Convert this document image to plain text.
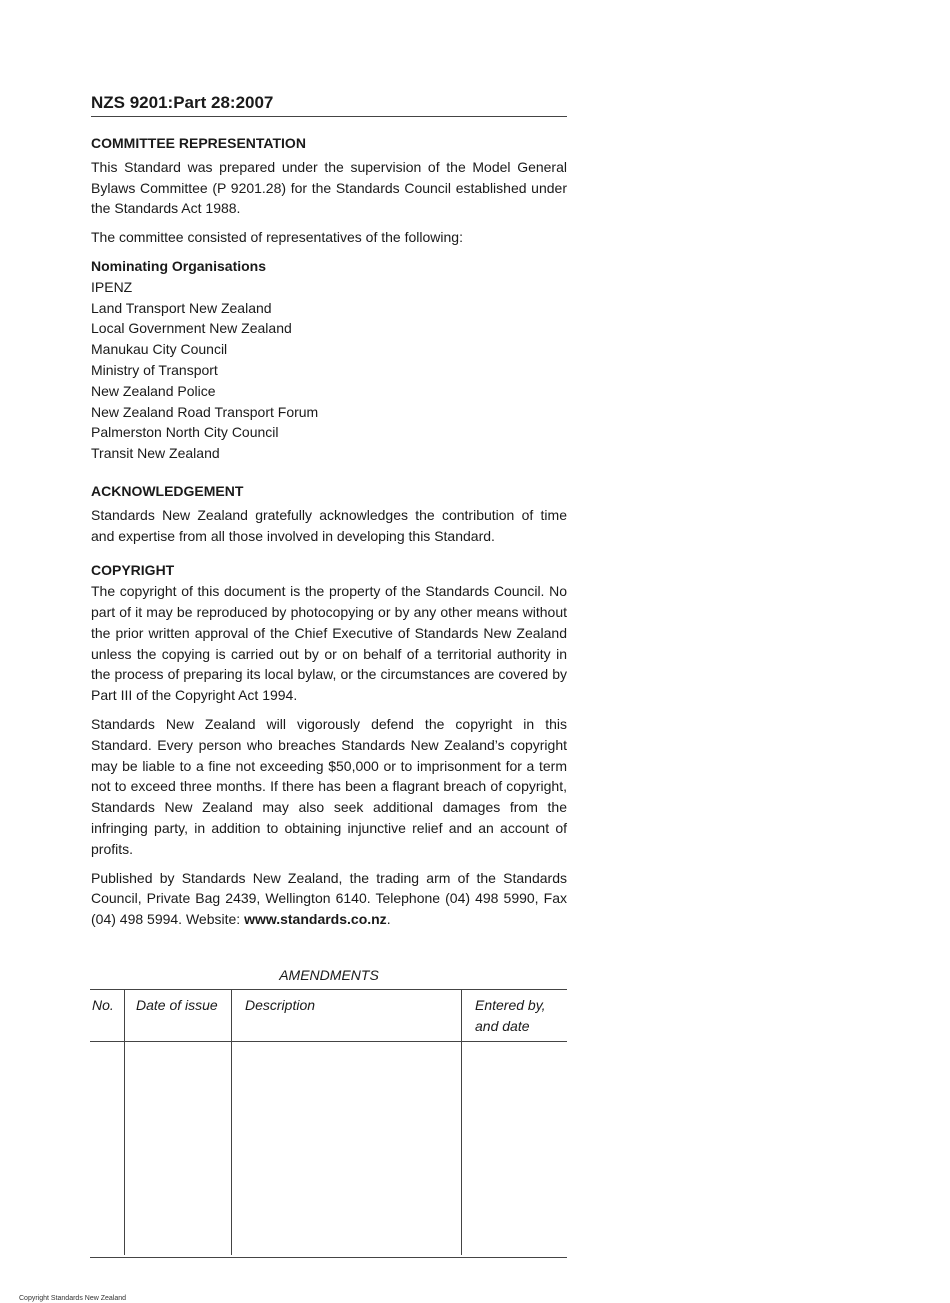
NZS 9201:Part 28:2007
COMMITTEE REPRESENTATION

This Standard was prepared under the supervision of the Model General Bylaws Committee (P 9201.28) for the Standards Council established under the Standards Act 1988.

The committee consisted of representatives of the following:

Nominating Organisations
IPENZ
Land Transport New Zealand
Local Government New Zealand
Manukau City Council
Ministry of Transport
New Zealand Police
New Zealand Road Transport Forum
Palmerston North City Council
Transit New Zealand
ACKNOWLEDGEMENT

Standards New Zealand gratefully acknowledges the contribution of time and expertise from all those involved in developing this Standard.

COPYRIGHT

The copyright of this document is the property of the Standards Council. No part of it may be reproduced by photocopying or by any other means without the prior written approval of the Chief Executive of Standards New Zealand unless the copying is carried out by or on behalf of a territorial authority in the process of preparing its local bylaw, or the circumstances are covered by Part III of the Copyright Act 1994.

Standards New Zealand will vigorously defend the copyright in this Standard. Every person who breaches Standards New Zealand’s copyright may be liable to a fine not exceeding $50,000 or to imprisonment for a term not to exceed three months. If there has been a flagrant breach of copyright, Standards New Zealand may also seek additional damages from the infringing party, in addition to obtaining injunctive relief and an account of profits.

Published by Standards New Zealand, the trading arm of the Standards Council, Private Bag 2439, Wellington 6140. Telephone (04) 498 5990, Fax (04) 498 5994. Website: www.standards.co.nz.

AMENDMENTS
No. Date of issue Description	Entered by, and date
Copyright Standards New Zealand
